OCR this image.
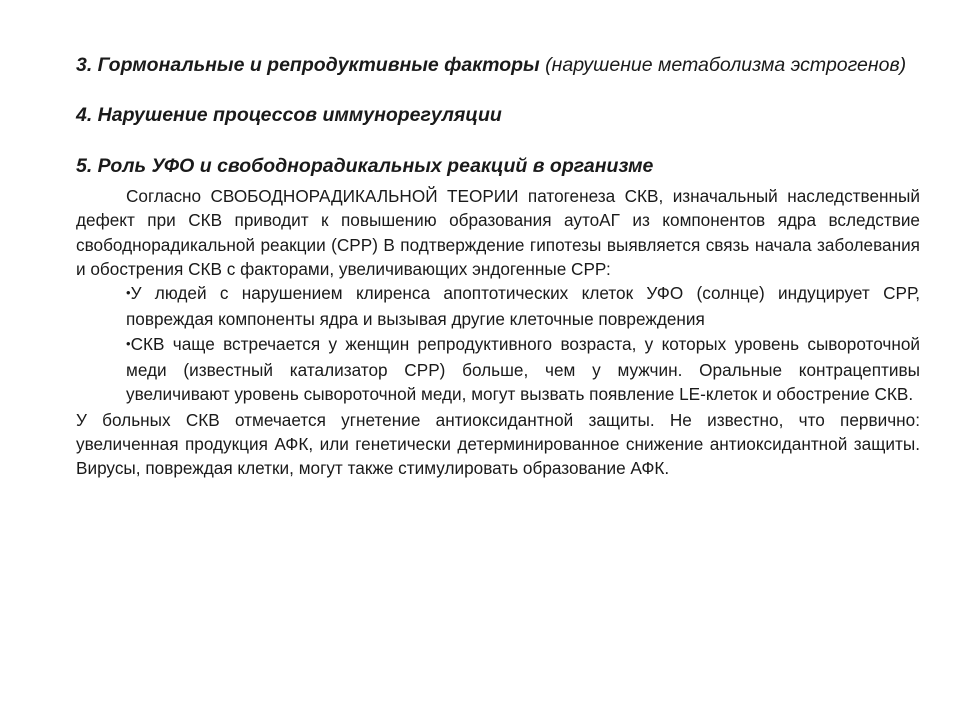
3. Гормональные и репродуктивные факторы (нарушение метаболизма эстрогенов)

4. Нарушение процессов иммунорегуляции

5. Роль УФО и свободнорадикальных реакций в организме

Согласно СВОБОДНОРАДИКАЛЬНОЙ ТЕОРИИ патогенеза СКВ, изначальный наследственный дефект при СКВ приводит к повышению образования аутоАГ из компонентов ядра вследствие свободнорадикальной реакции (СРР) В подтверждение гипотезы выявляется связь начала заболевания и обострения СКВ с факторами, увеличивающих эндогенные СРР:

•У людей с нарушением клиренса апоптотических клеток УФО (солнце) индуцирует СРР, повреждая компоненты ядра и вызывая другие клеточные повреждения

•СКВ чаще встречается у женщин репродуктивного возраста, у которых уровень сывороточной меди (известный катализатор СРР) больше, чем у мужчин. Оральные контрацептивы увеличивают уровень сывороточной меди, могут вызвать появление LE-клеток и обострение СКВ.

У больных СКВ отмечается угнетение антиоксидантной защиты. Не известно, что первично: увеличенная продукция АФК, или генетически детерминированное снижение антиоксидантной защиты. Вирусы, повреждая клетки, могут также стимулировать образование АФК.
